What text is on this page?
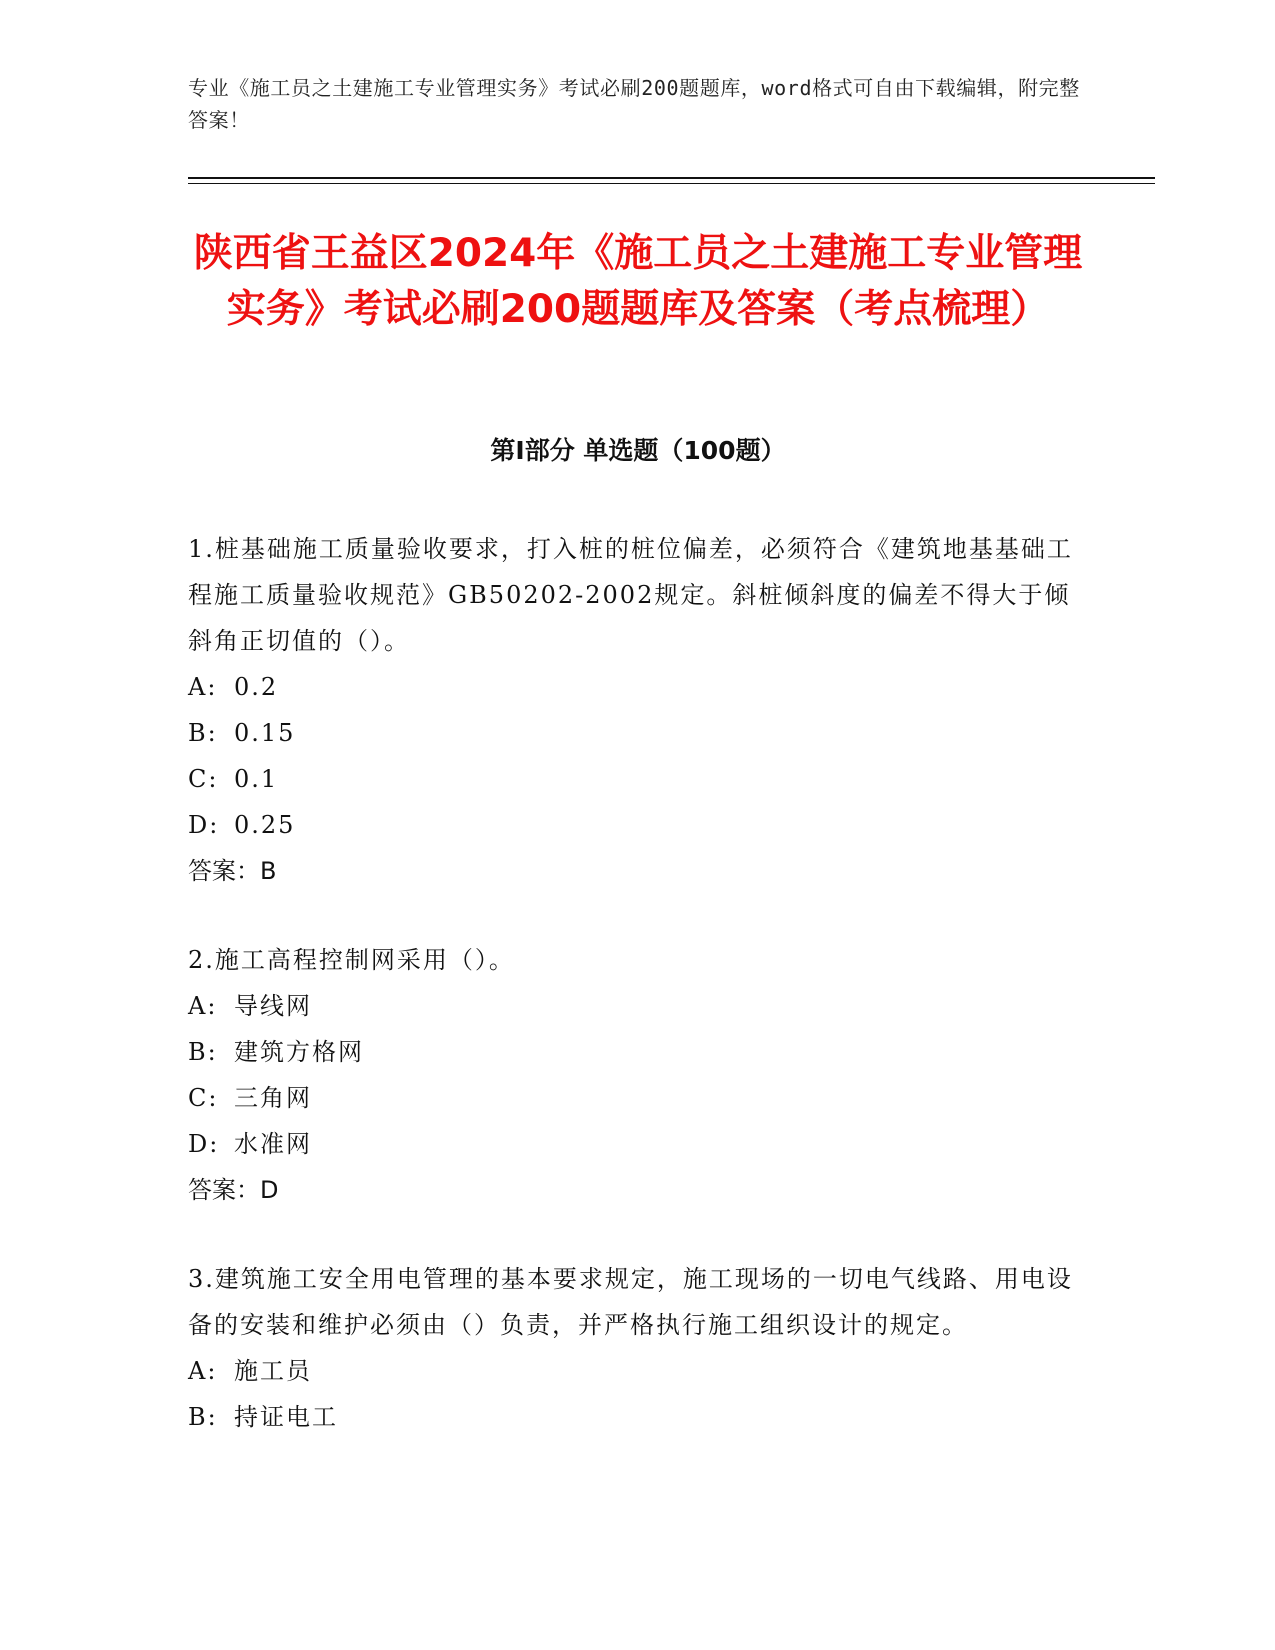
专业《施工员之土建施工专业管理实务》考试必刷200题题库，word格式可自由下载编辑，附完整答案！

陕西省王益区2024年《施工员之土建施工专业管理实务》考试必刷200题题库及答案（考点梳理）
第I部分 单选题（100题）

1.桩基础施工质量验收要求，打入桩的桩位偏差，必须符合《建筑地基基础工程施工质量验收规范》GB50202-2002规定。斜桩倾斜度的偏差不得大于倾斜角正切值的（）。

A: 0.2
B: 0.15
C: 0.1
D: 0.25
答案：B

2.施工高程控制网采用（）。

A: 导线网
B: 建筑方格网
C: 三角网
D: 水准网
答案：D

3.建筑施工安全用电管理的基本要求规定，施工现场的一切电气线路、用电设备的安装和维护必须由（）负责，并严格执行施工组织设计的规定。

A: 施工员
B: 持证电工
